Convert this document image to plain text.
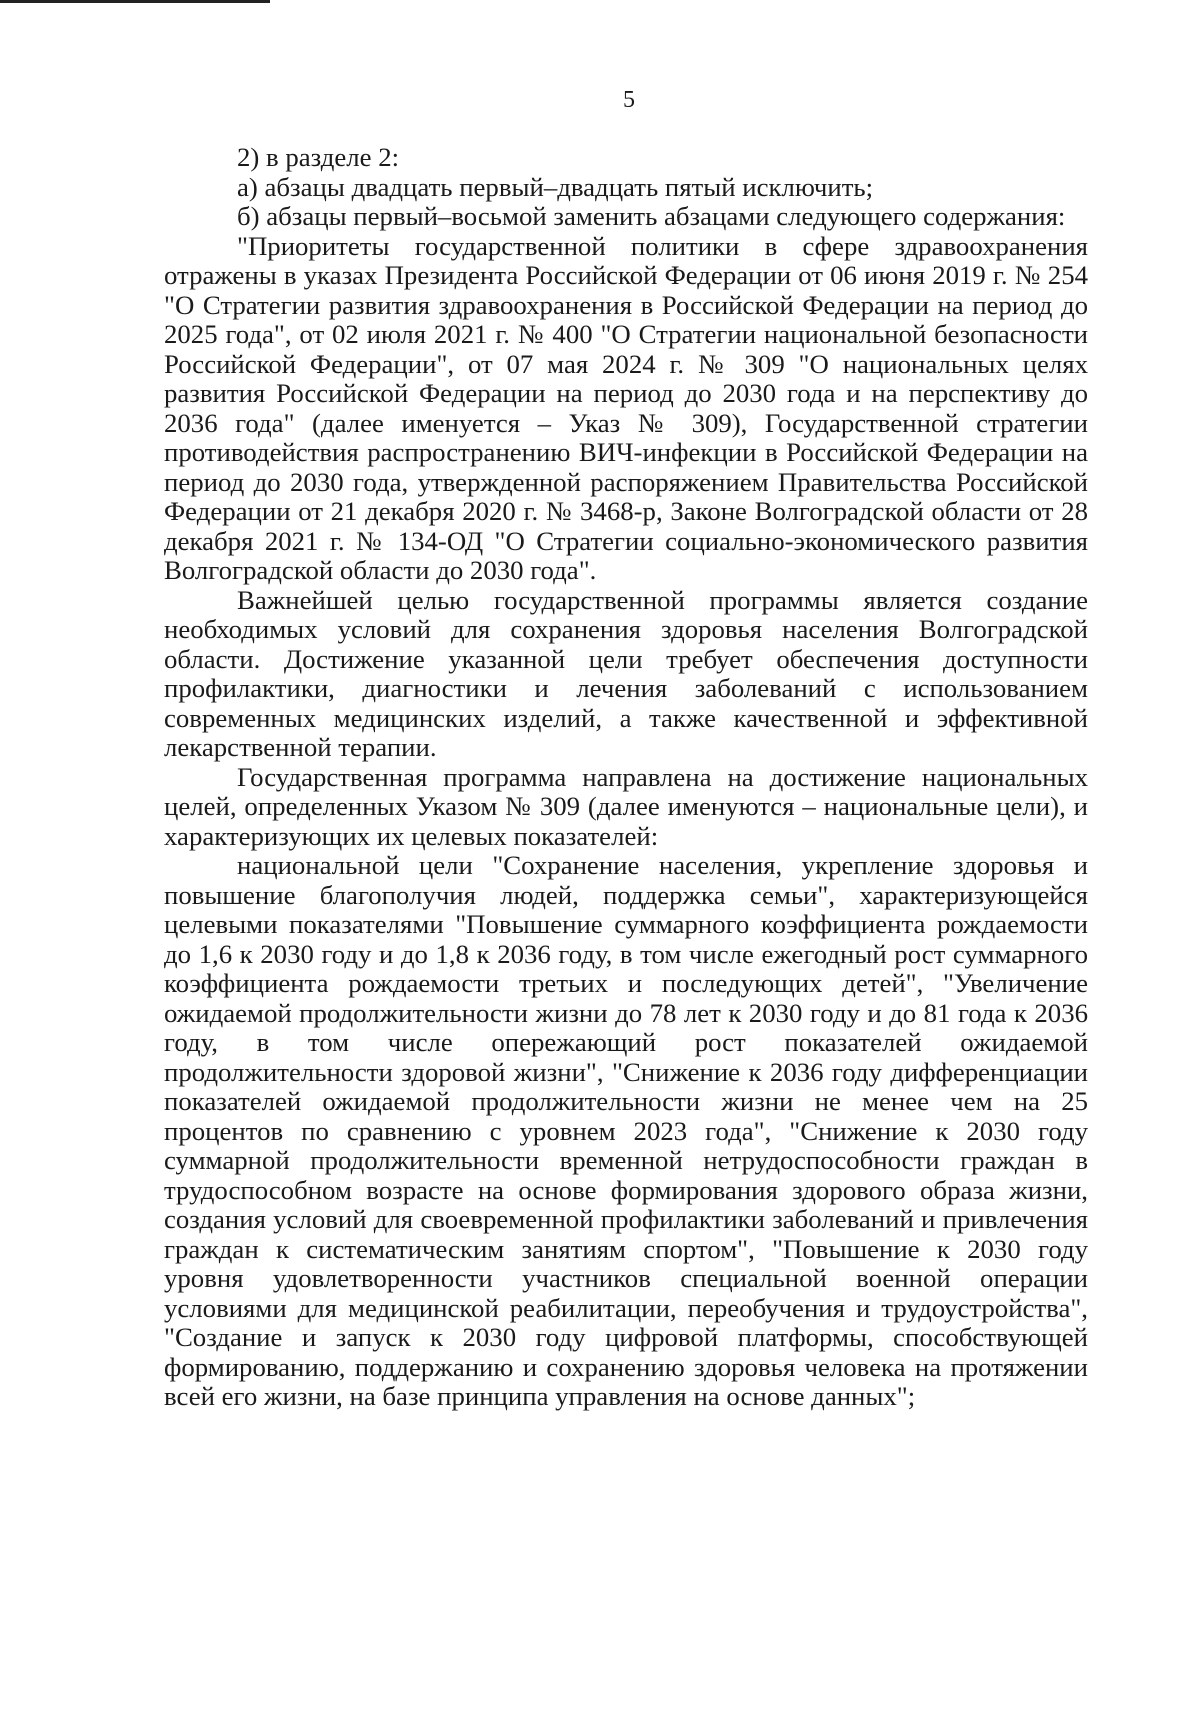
5

2) в разделе 2:

а) абзацы двадцать первый–двадцать пятый исключить;

б) абзацы первый–восьмой заменить абзацами следующего содержания:

"Приоритеты государственной политики в сфере здравоохранения отражены в указах Президента Российской Федерации от 06 июня 2019 г. № 254 "О Стратегии развития здравоохранения в Российской Федерации на период до 2025 года", от 02 июля 2021 г. № 400 "О Стратегии национальной безопасности Российской Федерации", от 07 мая 2024 г. № 309 "О национальных целях развития Российской Федерации на период до 2030 года и на перспективу до 2036 года" (далее именуется – Указ № 309), Государственной стратегии противодействия распространению ВИЧ-инфекции в Российской Федерации на период до 2030 года, утвержденной распоряжением Правительства Российской Федерации от 21 декабря 2020 г. № 3468-р, Законе Волгоградской области от 28 декабря 2021 г. № 134-ОД "О Стратегии социально-экономического развития Волгоградской области до 2030 года".

Важнейшей целью государственной программы является создание необходимых условий для сохранения здоровья населения Волгоградской области. Достижение указанной цели требует обеспечения доступности профилактики, диагностики и лечения заболеваний с использованием современных медицинских изделий, а также качественной и эффективной лекарственной терапии.

Государственная программа направлена на достижение национальных целей, определенных Указом № 309 (далее именуются – национальные цели), и характеризующих их целевых показателей:

национальной цели "Сохранение населения, укрепление здоровья и повышение благополучия людей, поддержка семьи", характеризующейся целевыми показателями "Повышение суммарного коэффициента рождаемости до 1,6 к 2030 году и до 1,8 к 2036 году, в том числе ежегодный рост суммарного коэффициента рождаемости третьих и последующих детей", "Увеличение ожидаемой продолжительности жизни до 78 лет к 2030 году и до 81 года к 2036 году, в том числе опережающий рост показателей ожидаемой продолжительности здоровой жизни", "Снижение к 2036 году дифференциации показателей ожидаемой продолжительности жизни не менее чем на 25 процентов по сравнению с уровнем 2023 года", "Снижение к 2030 году суммарной продолжительности временной нетрудоспособности граждан в трудоспособном возрасте на основе формирования здорового образа жизни, создания условий для своевременной профилактики заболеваний и привлечения граждан к систематическим занятиям спортом", "Повышение к 2030 году уровня удовлетворенности участников специальной военной операции условиями для медицинской реабилитации, переобучения и трудоустройства", "Создание и запуск к 2030 году цифровой платформы, способствующей формированию, поддержанию и сохранению здоровья человека на протяжении всей его жизни, на базе принципа управления на основе данных";
